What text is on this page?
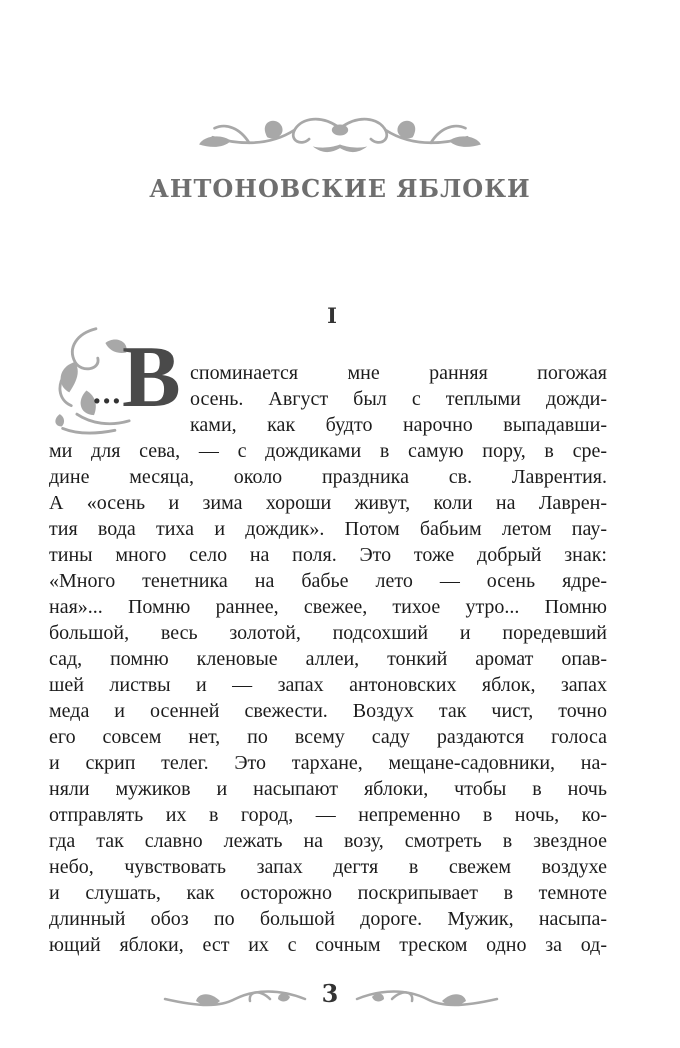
АНТОНОВСКИЕ ЯБЛОКИ
I
... В споминается мне ранняя погожая
осень. Август был с теплыми дожди-
ками, как будто нарочно выпадавши-
ми для сева, — с дождиками в самую пору, в сре-
дине месяца, около праздника св. Лаврентия.
А «осень и зима хороши живут, коли на Лаврен-
тия вода тиха и дождик». Потом бабьим летом пау-
тины много село на поля. Это тоже добрый знак:
«Много тенетника на бабье лето — осень ядре-
ная»... Помню раннее, свежее, тихое утро... Помню
большой, весь золотой, подсохший и поредевший
сад, помню кленовые аллеи, тонкий аромат опав-
шей листвы и — запах антоновских яблок, запах
меда и осенней свежести. Воздух так чист, точно
его совсем нет, по всему саду раздаются голоса
и скрип телег. Это тархане, мещане-садовники, на-
няли мужиков и насыпают яблоки, чтобы в ночь
отправлять их в город, — непременно в ночь, ко-
гда так славно лежать на возу, смотреть в звездное
небо, чувствовать запах дегтя в свежем воздухе
и слушать, как осторожно поскрипывает в темноте
длинный обоз по большой дороге. Мужик, насыпа-
ющий яблоки, ест их с сочным треском одно за од-
3
